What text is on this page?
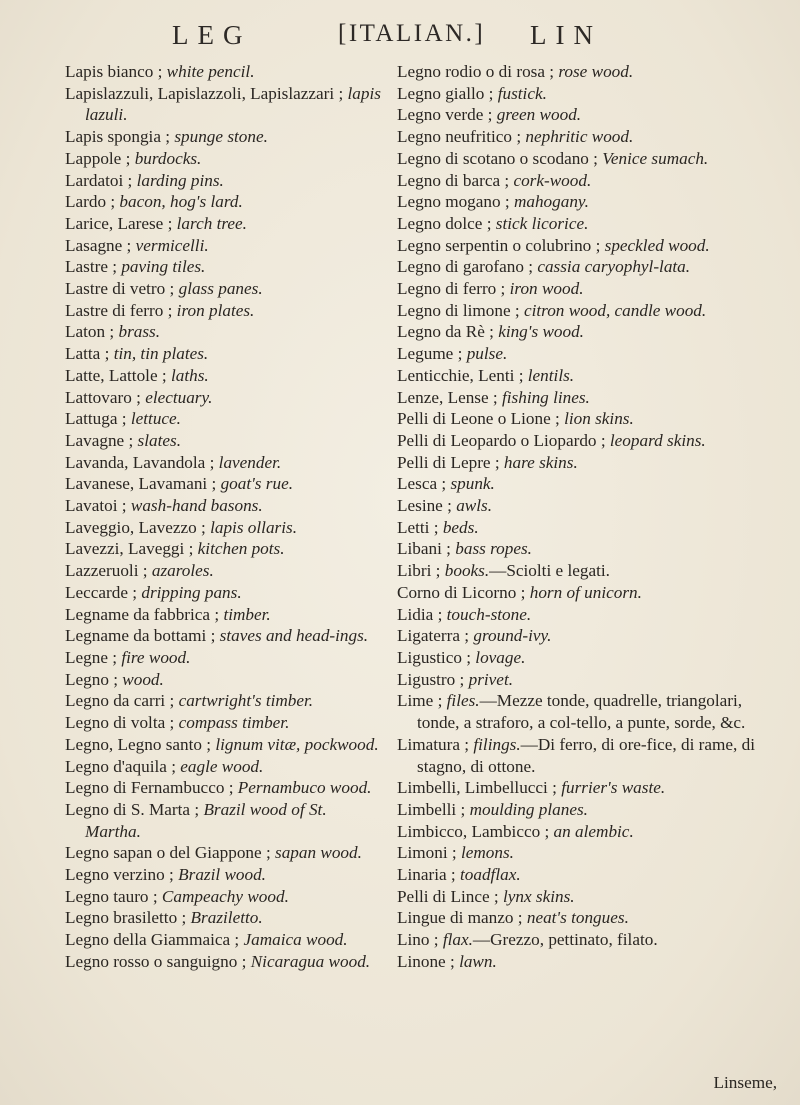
LEG	[ITALIAN.] LIN
Lapis bianco ; white pencil.
Lapislazzuli, Lapislazzoli, Lapislazzari ; lapis lazuli.
Lapis spongia ; spunge stone.
Lappole ; burdocks.
Lardatoi ; larding pins.
Lardo ; bacon, hog's lard.
Larice, Larese ; larch tree.
Lasagne ; vermicelli.
Lastre ; paving tiles.
Lastre di vetro ; glass panes.
Lastre di ferro ; iron plates.
Laton ; brass.
Latta ; tin, tin plates.
Latte, Lattole ; laths.
Lattovaro ; electuary.
Lattuga ; lettuce.
Lavagne ; slates.
Lavanda, Lavandola ; lavender.
Lavanese, Lavamani ; goat's rue.
Lavatoi ; wash-hand basons.
Laveggio, Lavezzo ; lapis ollaris.
Lavezzi, Laveggi ; kitchen pots.
Lazzeruoli ; azaroles.
Leccarde ; dripping pans.
Legname da fabbrica ; timber.
Legname da bottami ; staves and head-ings.
Legne ; fire wood.
Legno ; wood.
Legno da carri ; cartwright's timber.
Legno di volta ; compass timber.
Legno, Legno santo ; lignum vitæ, pockwood.
Legno d'aquila ; eagle wood.
Legno di Fernambucco ; Pernambuco wood.
Legno di S. Marta ; Brazil wood of St. Martha.
Legno sapan o del Giappone ; sapan wood.
Legno verzino ; Brazil wood.
Legno tauro ; Campeachy wood.
Legno brasiletto ; Braziletto.
Legno della Giammaica ; Jamaica wood.
Legno rosso o sanguigno ; Nicaragua wood.
Legno rodio o di rosa ; rose wood.
Legno giallo ; fustick.
Legno verde ; green wood.
Legno neufritico ; nephritic wood.
Legno di scotano o scodano ; Venice sumach.
Legno di barca ; cork-wood.
Legno mogano ; mahogany.
Legno dolce ; stick licorice.
Legno serpentin o colubrino ; speckled wood.
Legno di garofano ; cassia caryophyl-lata.
Legno di ferro ; iron wood.
Legno di limone ; citron wood, candle wood.
Legno da Rè ; king's wood.
Legume ; pulse.
Lenticchie, Lenti ; lentils.
Lenze, Lense ; fishing lines.
Pelli di Leone o Lione ; lion skins.
Pelli di Leopardo o Liopardo ; leopard skins.
Pelli di Lepre ; hare skins.
Lesca ; spunk.
Lesine ; awls.
Letti ; beds.
Libani ; bass ropes.
Libri ; books.—Sciolti e legati.
Corno di Licorno ; horn of unicorn.
Lidia ; touch-stone.
Ligaterra ; ground-ivy.
Ligustico ; lovage.
Ligustro ; privet.
Lime ; files.—Mezze tonde, quadrelle, triangolari, tonde, a straforo, a col-tello, a punte, sorde, &c.
Limatura ; filings.—Di ferro, di ore-fice, di rame, di stagno, di ottone.
Limbelli, Limbellucci ; furrier's waste.
Limbelli ; moulding planes.
Limbicco, Lambicco ; an alembic.
Limoni ; lemons.
Linaria ; toadflax.
Pelli di Lince ; lynx skins.
Lingue di manzo ; neat's tongues.
Lino ; flax.—Grezzo, pettinato, filato.
Linone ; lawn.
Linseme,
